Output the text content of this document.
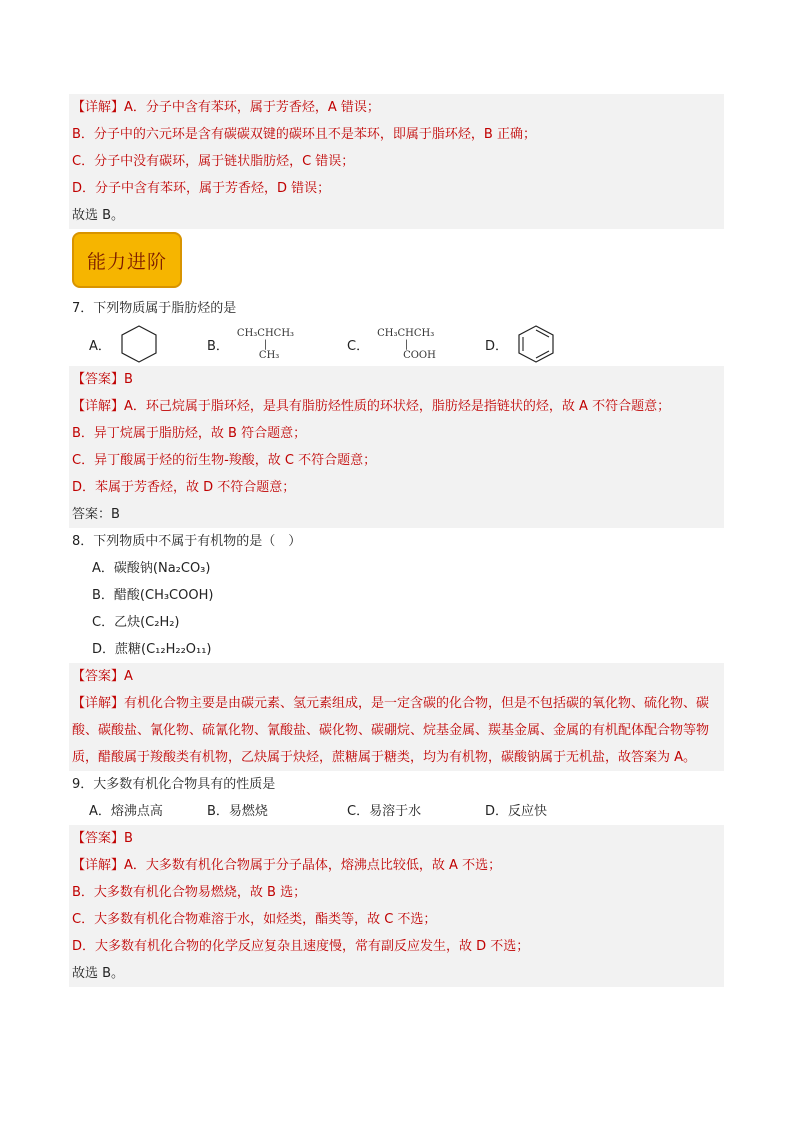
【详解】A．分子中含有苯环，属于芳香烃，A 错误；
B．分子中的六元环是含有碳碳双键的碳环且不是苯环，即属于脂环烃，B 正确；
C．分子中没有碳环，属于链状脂肪烃，C 错误；
D．分子中含有苯环，属于芳香烃，D 错误；
故选 B。
能力进阶
7．下列物质属于脂肪烃的是
A．	B．
CH₃CHCH₃
|
CH₃
C．
CH₃CHCH₃
|
COOH
D．
【答案】B
【详解】A．环己烷属于脂环烃，是具有脂肪烃性质的环状烃，脂肪烃是指链状的烃，故 A 不符合题意；
B．异丁烷属于脂肪烃，故 B 符合题意；
C．异丁酸属于烃的衍生物-羧酸，故 C 不符合题意；
D．苯属于芳香烃，故 D 不符合题意；
答案：B
8．下列物质中不属于有机物的是（　）
A．碳酸钠(Na₂CO₃)
B．醋酸(CH₃COOH)
C．乙炔(C₂H₂)
D．蔗糖(C₁₂H₂₂O₁₁)
【答案】A
【详解】有机化合物主要是由碳元素、氢元素组成，是一定含碳的化合物，但是不包括碳的氧化物、硫化物、碳酸、碳酸盐、氰化物、硫氰化物、氰酸盐、碳化物、碳硼烷、烷基金属、羰基金属、金属的有机配体配合物等物质，醋酸属于羧酸类有机物，乙炔属于炔烃，蔗糖属于糖类，均为有机物，碳酸钠属于无机盐，故答案为 A。
9．大多数有机化合物具有的性质是
A．熔沸点高	B．易燃烧	C．易溶于水	D．反应快
【答案】B
【详解】A．大多数有机化合物属于分子晶体，熔沸点比较低，故 A 不选；
B．大多数有机化合物易燃烧，故 B 选；
C．大多数有机化合物难溶于水，如烃类，酯类等，故 C 不选；
D．大多数有机化合物的化学反应复杂且速度慢，常有副反应发生，故 D 不选；
故选 B。
